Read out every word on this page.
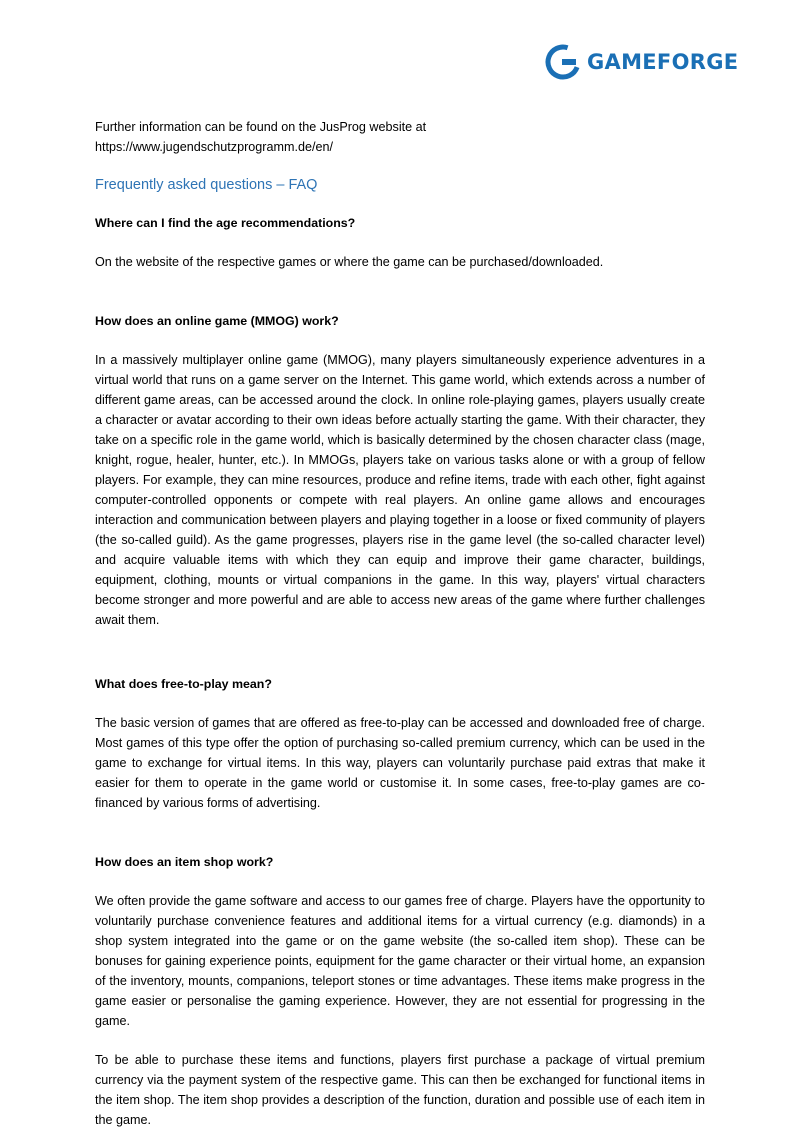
GAMEFORGE

Further information can be found on the JusProg website at

https://www.jugendschutzprogramm.de/en/

Frequently asked questions – FAQ

Where can I find the age recommendations?

On the website of the respective games or where the game can be purchased/downloaded.

How does an online game (MMOG) work?

In a massively multiplayer online game (MMOG), many players simultaneously experience adventures in a virtual world that runs on a game server on the Internet. This game world, which extends across a number of different game areas, can be accessed around the clock. In online role-playing games, players usually create a character or avatar according to their own ideas before actually starting the game. With their character, they take on a specific role in the game world, which is basically determined by the chosen character class (mage, knight, rogue, healer, hunter, etc.). In MMOGs, players take on various tasks alone or with a group of fellow players. For example, they can mine resources, produce and refine items, trade with each other, fight against computer-controlled opponents or compete with real players. An online game allows and encourages interaction and communication between players and playing together in a loose or fixed community of players (the so-called guild). As the game progresses, players rise in the game level (the so-called character level) and acquire valuable items with which they can equip and improve their game character, buildings, equipment, clothing, mounts or virtual companions in the game. In this way, players' virtual characters become stronger and more powerful and are able to access new areas of the game where further challenges await them.

What does free-to-play mean?

The basic version of games that are offered as free-to-play can be accessed and downloaded free of charge. Most games of this type offer the option of purchasing so-called premium currency, which can be used in the game to exchange for virtual items. In this way, players can voluntarily purchase paid extras that make it easier for them to operate in the game world or customise it. In some cases, free-to-play games are co-financed by various forms of advertising.

How does an item shop work?

We often provide the game software and access to our games free of charge. Players have the opportunity to voluntarily purchase convenience features and additional items for a virtual currency (e.g. diamonds) in a shop system integrated into the game or on the game website (the so-called item shop). These can be bonuses for gaining experience points, equipment for the game character or their virtual home, an expansion of the inventory, mounts, companions, teleport stones or time advantages. These items make progress in the game easier or personalise the gaming experience. However, they are not essential for progressing in the game.

To be able to purchase these items and functions, players first purchase a package of virtual premium currency via the payment system of the respective game. This can then be exchanged for functional items in the item shop. The item shop provides a description of the function, duration and possible use of each item in the game.
